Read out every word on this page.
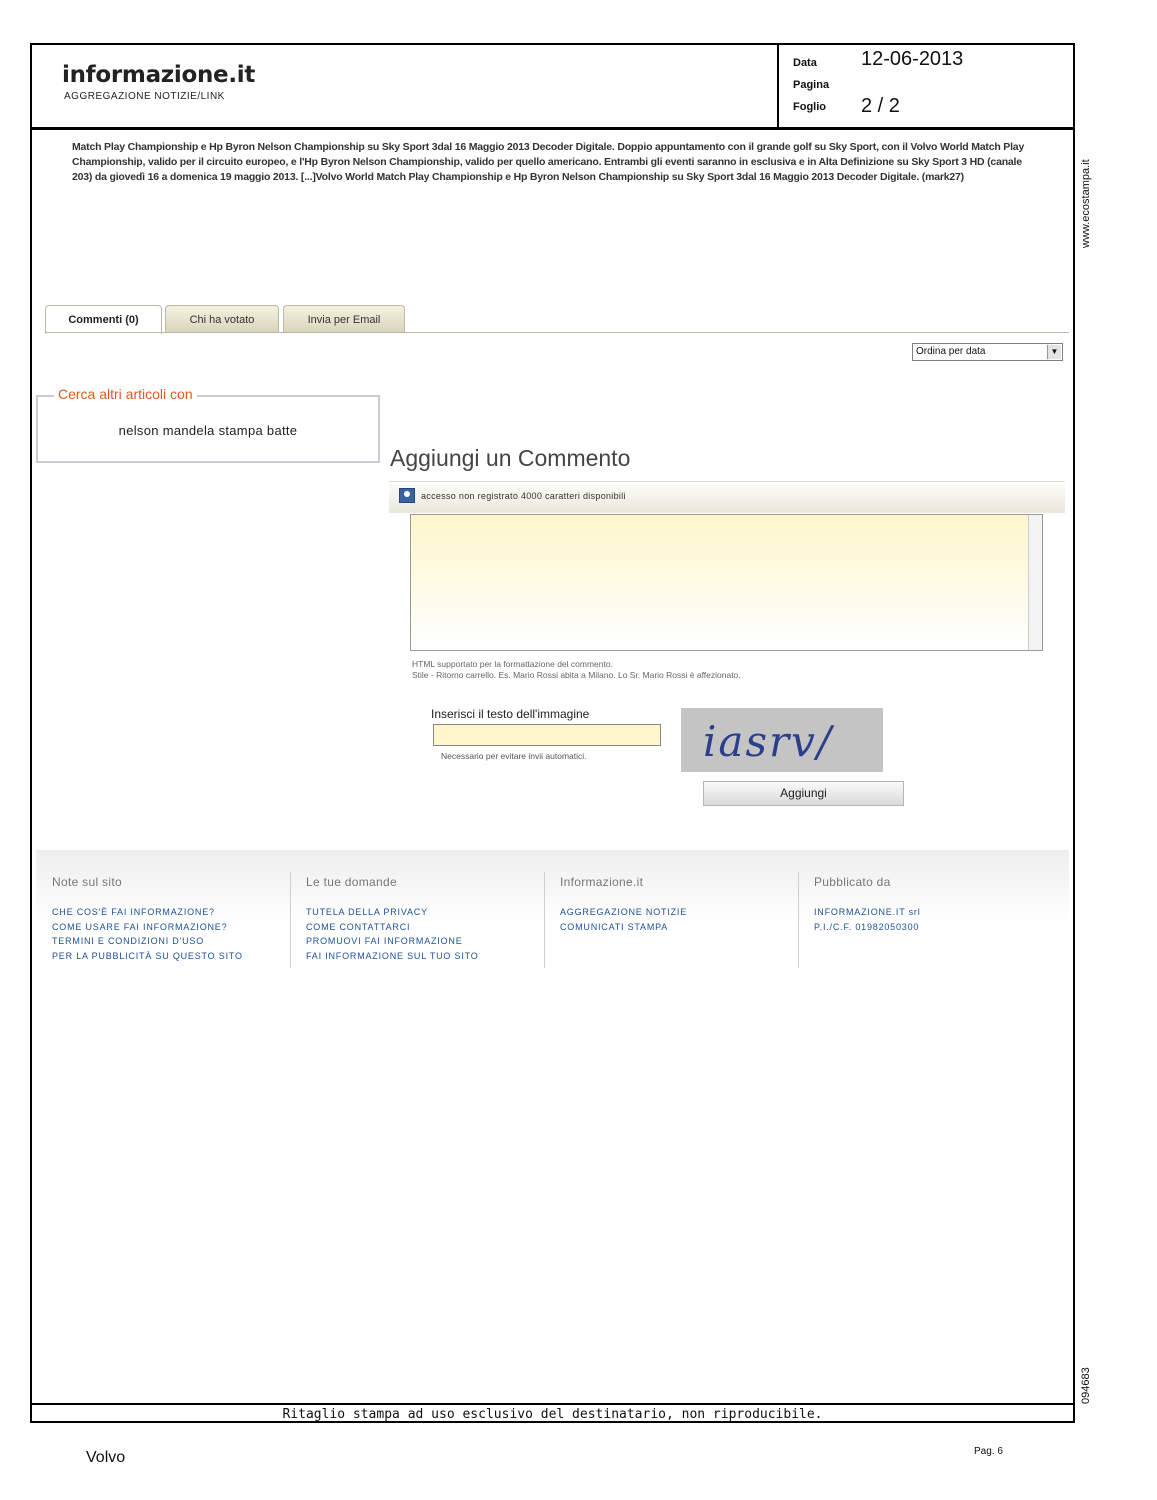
informazione.it
AGGREGAZIONE NOTIZIE/LINK
Data 12-06-2013
Pagina
Foglio 2 / 2
Match Play Championship e Hp Byron Nelson Championship su Sky Sport 3dal 16 Maggio 2013 Decoder Digitale. Doppio appuntamento con il grande golf su Sky Sport, con il Volvo World Match Play Championship, valido per il circuito europeo, e l'Hp Byron Nelson Championship, valido per quello americano. Entrambi gli eventi saranno in esclusiva e in Alta Definizione su Sky Sport 3 HD (canale 203) da giovedì 16 a domenica 19 maggio 2013. [...]Volvo World Match Play Championship e Hp Byron Nelson Championship su Sky Sport 3dal 16 Maggio 2013 Decoder Digitale. (mark27)	www.ecostampa.it
094683
Commenti (0)	Chi ha votato	Invia per Email
Ordina per data	▼
Cerca altri articoli con
nelson mandela stampa batte
Aggiungi un Commento
accesso non registrato 4000 caratteri disponibili
HTML supportato per la formattazione del commento.
Stile - Ritorno carrello. Es. Mario Rossi abita a Milano. Lo Sr. Mario Rossi è affezionato.
Inserisci il testo dell'immagine
Necessario per evitare invii automatici.	iasrv/
Aggiungi
Note sul sito
CHE COS'È FAI INFORMAZIONE?
COME USARE FAI INFORMAZIONE?
TERMINI E CONDIZIONI D'USO
PER LA PUBBLICITÀ SU QUESTO SITO
Le tue domande
TUTELA DELLA PRIVACY
COME CONTATTARCI
PROMUOVI FAI INFORMAZIONE
FAI INFORMAZIONE SUL TUO SITO
Informazione.it
AGGREGAZIONE NOTIZIE
COMUNICATI STAMPA
Pubblicato da
INFORMAZIONE.IT srl
P.I./C.F. 01982050300
Ritaglio stampa ad uso esclusivo del destinatario, non riproducibile.
Volvo	Pag. 6
